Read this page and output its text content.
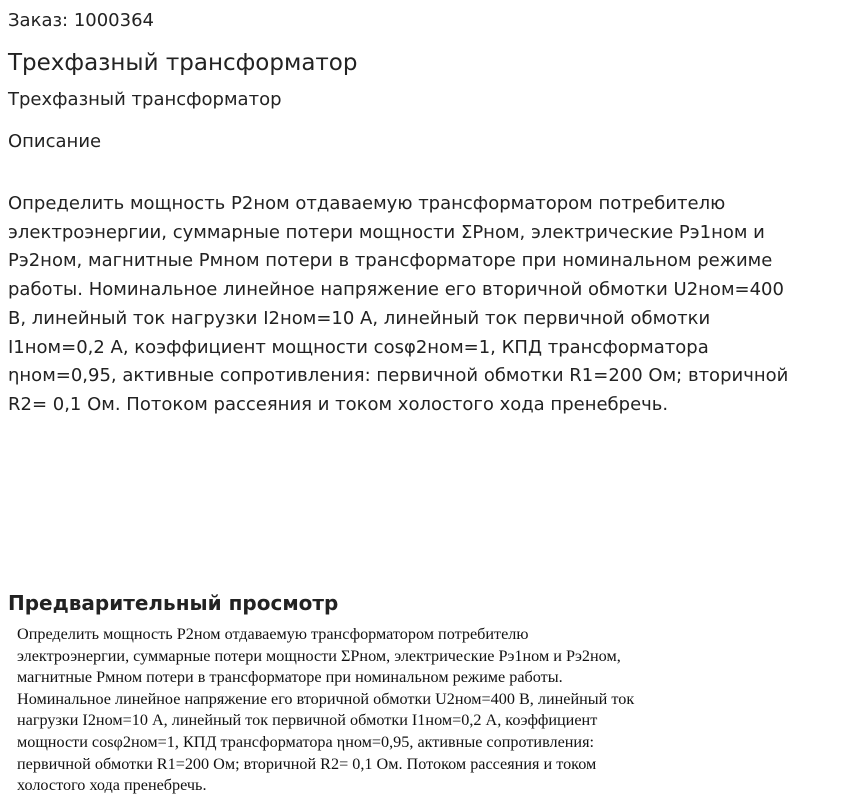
Заказ: 1000364
Трехфазный трансформатор
Трехфазный трансформатор
Описание
Определить мощность P2ном отдаваемую трансформатором потребителю
электроэнергии, суммарные потери мощности ΣPном, электрические Pэ1ном и
Pэ2ном, магнитные Pмном потери в трансформаторе при номинальном режиме
работы. Номинальное линейное напряжение его вторичной обмотки U2ном=400
В, линейный ток нагрузки I2ном=10 А, линейный ток первичной обмотки
I1ном=0,2 А, коэффициент мощности cosφ2ном=1, КПД трансформатора
ηном=0,95, активные сопротивления: первичной обмотки R1=200 Ом; вторичной
R2= 0,1 Ом. Потоком рассеяния и током холостого хода пренебречь.
Предварительный просмотр
Определить мощность P2ном отдаваемую трансформатором потребителю
электроэнергии, суммарные потери мощности ΣPном, электрические Pэ1ном и Pэ2ном,
магнитные Pмном потери в трансформаторе при номинальном режиме работы.
Номинальное линейное напряжение его вторичной обмотки U2ном=400 В, линейный ток
нагрузки I2ном=10 А, линейный ток первичной обмотки I1ном=0,2 А, коэффициент
мощности cosφ2ном=1, КПД трансформатора ηном=0,95, активные сопротивления:
первичной обмотки R1=200 Ом; вторичной R2= 0,1 Ом. Потоком рассеяния и током
холостого хода пренебречь.
